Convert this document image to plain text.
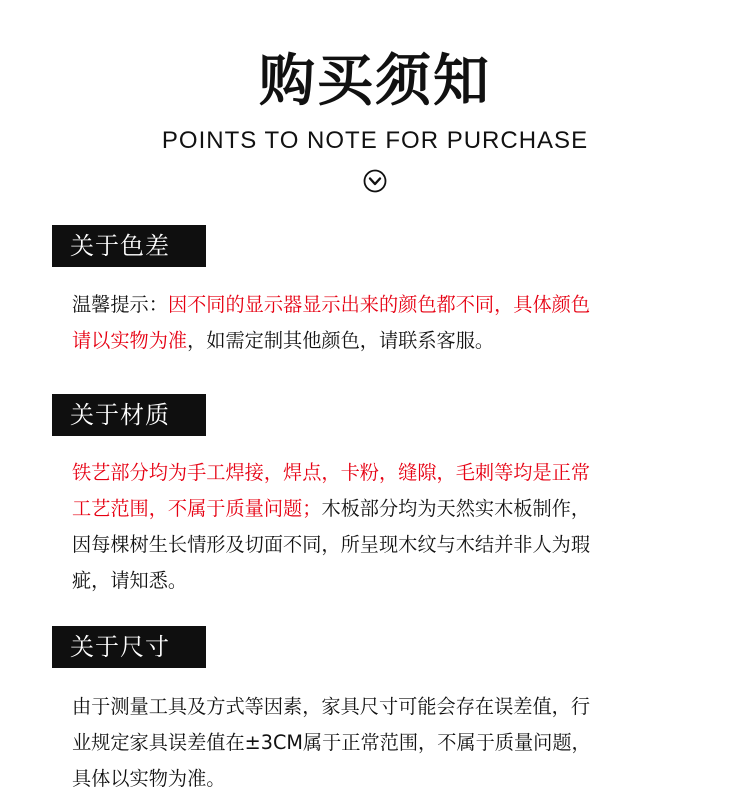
购买须知
POINTS TO NOTE FOR PURCHASE
关于色差
温馨提示：因不同的显示器显示出来的颜色都不同，具体颜色
请以实物为准，如需定制其他颜色，请联系客服。
关于材质
铁艺部分均为手工焊接，焊点，卡粉，缝隙，毛刺等均是正常
工艺范围，不属于质量问题；木板部分均为天然实木板制作，
因每棵树生长情形及切面不同，所呈现木纹与木结并非人为瑕
疵，请知悉。
关于尺寸
由于测量工具及方式等因素，家具尺寸可能会存在误差值，行
业规定家具误差值在±3CM属于正常范围，不属于质量问题，
具体以实物为准。
